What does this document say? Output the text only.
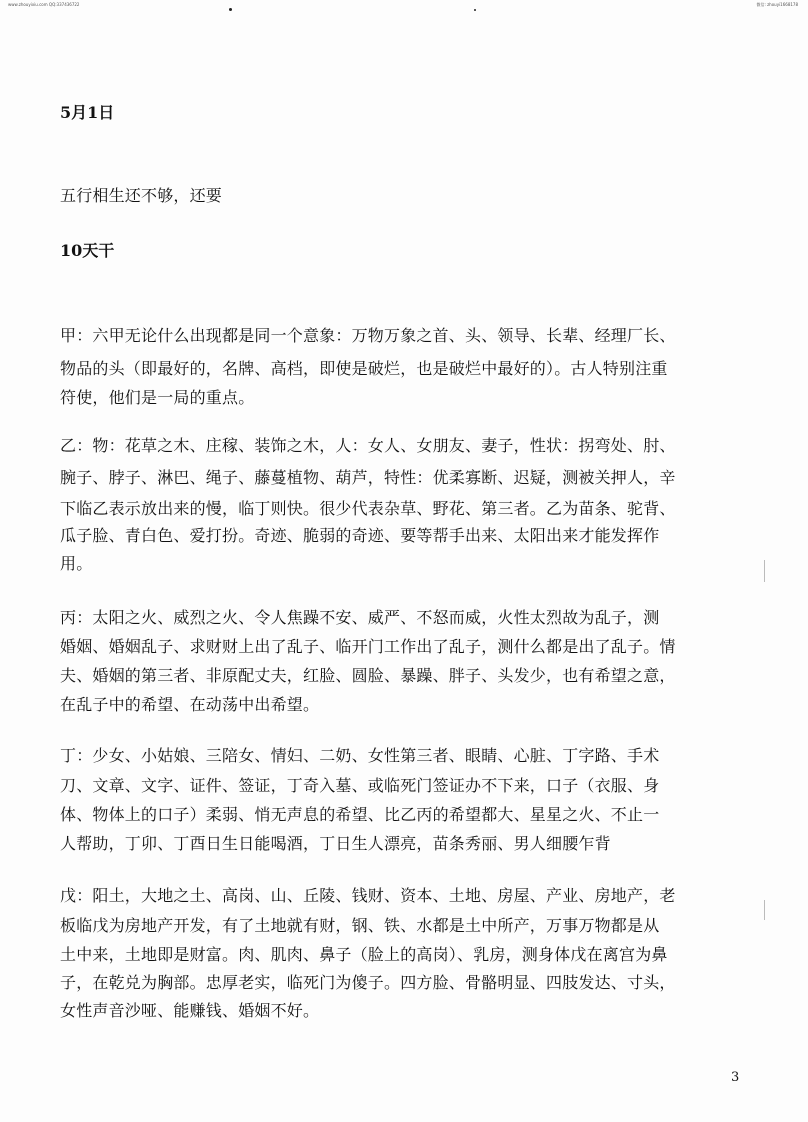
www.zhouyixiu.com QQ:337436722	微信: zhouyi1668178
5月1日

五行相生还不够，还要

10天干

甲：六甲无论什么出现都是同一个意象：万物万象之首、头、领导、长辈、经理厂长、

物品的头（即最好的，名牌、高档，即使是破烂，也是破烂中最好的）。古人特别注重

符使，他们是一局的重点。

乙：物：花草之木、庄稼、装饰之木，人：女人、女朋友、妻子，性状：拐弯处、肘、

腕子、脖子、淋巴、绳子、藤蔓植物、葫芦，特性：优柔寡断、迟疑，测被关押人，辛

下临乙表示放出来的慢，临丁则快。很少代表杂草、野花、第三者。乙为苗条、驼背、

瓜子脸、青白色、爱打扮。奇迹、脆弱的奇迹、要等帮手出来、太阳出来才能发挥作

用。

丙：太阳之火、威烈之火、令人焦躁不安、威严、不怒而威，火性太烈故为乱子，测

婚姻、婚姻乱子、求财财上出了乱子、临开门工作出了乱子，测什么都是出了乱子。情

夫、婚姻的第三者、非原配丈夫，红脸、圆脸、暴躁、胖子、头发少，也有希望之意，

在乱子中的希望、在动荡中出希望。

丁：少女、小姑娘、三陪女、情妇、二奶、女性第三者、眼睛、心脏、丁字路、手术

刀、文章、文字、证件、签证，丁奇入墓、或临死门签证办不下来，口子（衣服、身

体、物体上的口子）柔弱、悄无声息的希望、比乙丙的希望都大、星星之火、不止一

人帮助，丁卯、丁酉日生日能喝酒，丁日生人漂亮，苗条秀丽、男人细腰乍背

戊：阳土，大地之土、高岗、山、丘陵、钱财、资本、土地、房屋、产业、房地产，老

板临戊为房地产开发，有了土地就有财，钢、铁、水都是土中所产，万事万物都是从

土中来，土地即是财富。肉、肌肉、鼻子（脸上的高岗）、乳房，测身体戊在离宫为鼻

子，在乾兑为胸部。忠厚老实，临死门为傻子。四方脸、骨骼明显、四肢发达、寸头，

女性声音沙哑、能赚钱、婚姻不好。

3
